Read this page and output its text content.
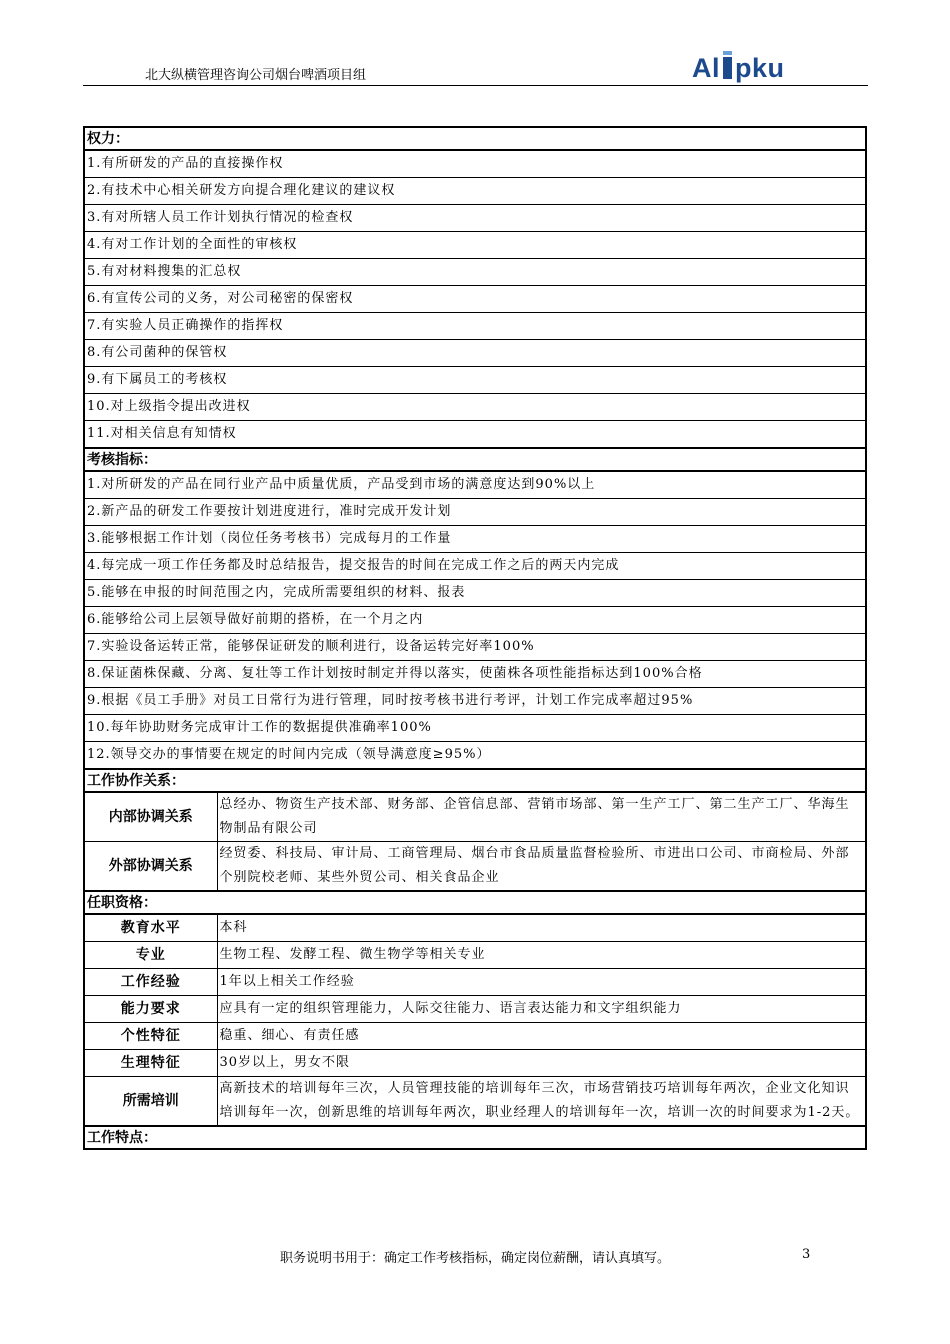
北大纵横管理咨询公司烟台啤酒项目组	Al pku
权力：	
1.有所研发的产品的直接操作权	
2.有技术中心相关研发方向提合理化建议的建议权	
3.有对所辖人员工作计划执行情况的检查权	
4.有对工作计划的全面性的审核权	
5.有对材料搜集的汇总权	
6.有宣传公司的义务，对公司秘密的保密权	
7.有实验人员正确操作的指挥权	
8.有公司菌种的保管权	
9.有下属员工的考核权	
10.对上级指令提出改进权	
11.对相关信息有知情权	
考核指标：	
1.对所研发的产品在同行业产品中质量优质，产品受到市场的满意度达到90%以上	
2.新产品的研发工作要按计划进度进行，准时完成开发计划	
3.能够根据工作计划（岗位任务考核书）完成每月的工作量	
4.每完成一项工作任务都及时总结报告，提交报告的时间在完成工作之后的两天内完成	
5.能够在申报的时间范围之内，完成所需要组织的材料、报表	
6.能够给公司上层领导做好前期的搭桥，在一个月之内	
7.实验设备运转正常，能够保证研发的顺利进行，设备运转完好率100%	
8.保证菌株保藏、分离、复壮等工作计划按时制定并得以落实，使菌株各项性能指标达到100%合格	
9.根据《员工手册》对员工日常行为进行管理，同时按考核书进行考评，计划工作完成率超过95%	
10.每年协助财务完成审计工作的数据提供准确率100%	
12.领导交办的事情要在规定的时间内完成（领导满意度≥95%）	
工作协作关系：	
内部协调关系	总经办、物资生产技术部、财务部、企管信息部、营销市场部、第一生产工厂、第二生产工厂、华海生物制品有限公司
外部协调关系	经贸委、科技局、审计局、工商管理局、烟台市食品质量监督检验所、市进出口公司、市商检局、外部个别院校老师、某些外贸公司、相关食品企业
任职资格：	
教育水平	本科
专业	生物工程、发酵工程、微生物学等相关专业
工作经验	1年以上相关工作经验
能力要求	应具有一定的组织管理能力，人际交往能力、语言表达能力和文字组织能力
个性特征	稳重、细心、有责任感
生理特征	30岁以上，男女不限
所需培训	高新技术的培训每年三次，人员管理技能的培训每年三次，市场营销技巧培训每年两次，企业文化知识培训每年一次，创新思维的培训每年两次，职业经理人的培训每年一次，培训一次的时间要求为1-2天。
工作特点：	
职务说明书用于：确定工作考核指标，确定岗位薪酬，请认真填写。	3
